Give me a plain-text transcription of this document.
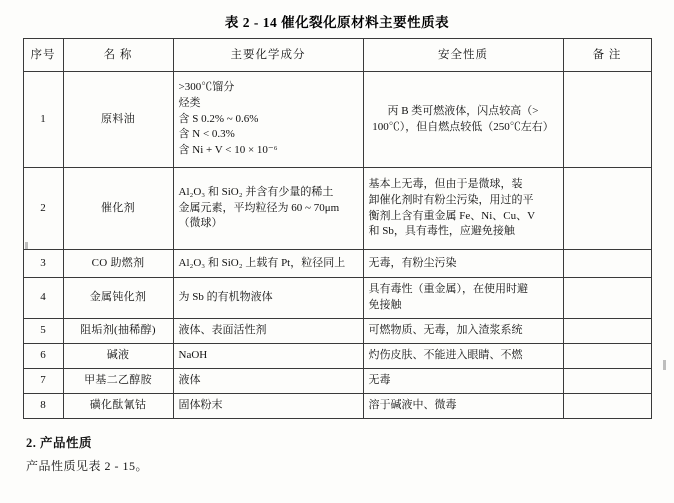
表 2 - 14 催化裂化原材料主要性质表
序号	名 称	主要化学成分	安全性质	备 注
1	原料油	>300℃馏分
烃类
含 S 0.2% ~ 0.6%
含 N < 0.3%
含 Ni + V < 10 × 10⁻⁶	丙 B 类可燃液体，闪点较高（>
100℃），但自燃点较低（250℃左右）	

2	催化剂	Al₂O₃ 和 SiO₂ 并含有少量的稀土
金属元素，平均粒径为 60 ~ 70μm
（微球）	基本上无毒，但由于是微球，装
卸催化剂时有粉尘污染，用过的平
衡剂上含有重金属 Fe、Ni、Cu、V
和 Sb，具有毒性，应避免接触	

3	CO 助燃剂	Al₂O₃ 和 SiO₂ 上载有 Pt，粒径同上	无毒，有粉尘污染	

4	金属钝化剂	为 Sb 的有机物液体	具有毒性（重金属），在使用时避
免接触	

5	阻垢剂(抽稀醇)	液体、表面活性剂	可燃物质、无毒，加入渣浆系统	

6	碱液	NaOH	灼伤皮肤、不能进入眼睛、不燃	

7	甲基二乙醇胺	液体	无毒	

8	磺化酞氰钴	固体粉末	溶于碱液中、微毒	

2. 产品性质

产品性质见表 2 - 15。
